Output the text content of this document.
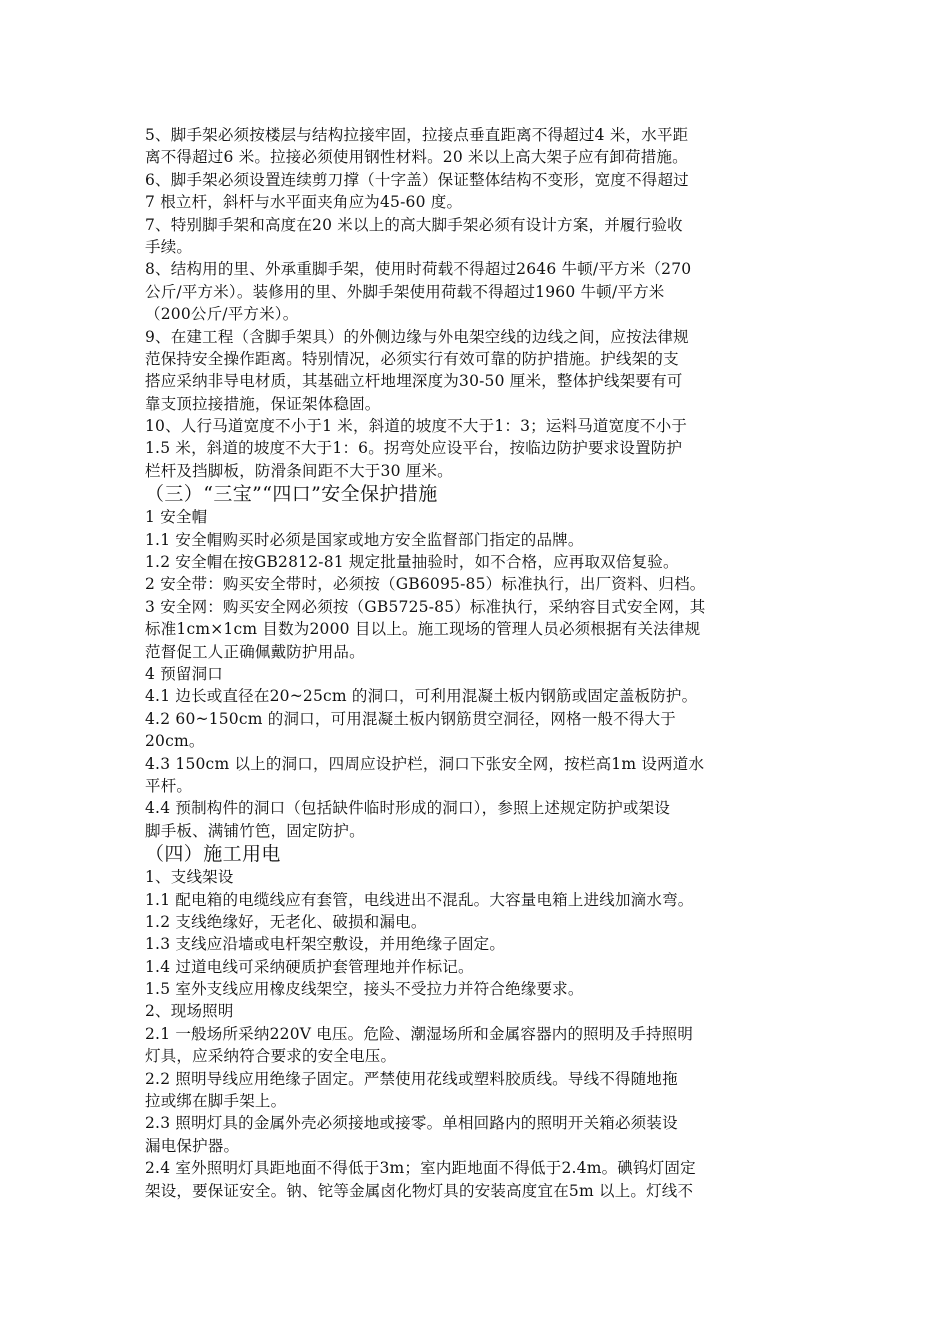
5、脚手架必须按楼层与结构拉接牢固，拉接点垂直距离不得超过4 米，水平距
离不得超过6 米。拉接必须使用钢性材料。20 米以上高大架子应有卸荷措施。
6、脚手架必须设置连续剪刀撑（十字盖）保证整体结构不变形，宽度不得超过
7 根立杆，斜杆与水平面夹角应为45-60 度。
7、特别脚手架和高度在20 米以上的高大脚手架必须有设计方案，并履行验收
手续。
8、结构用的里、外承重脚手架，使用时荷载不得超过2646 牛顿/平方米（270
公斤/平方米）。装修用的里、外脚手架使用荷载不得超过1960 牛顿/平方米
（200公斤/平方米）。
9、在建工程（含脚手架具）的外侧边缘与外电架空线的边线之间，应按法律规
范保持安全操作距离。特别情况，必须实行有效可靠的防护措施。护线架的支
搭应采纳非导电材质，其基础立杆地埋深度为30-50 厘米，整体护线架要有可
靠支顶拉接措施，保证架体稳固。
10、人行马道宽度不小于1 米，斜道的坡度不大于1：3；运料马道宽度不小于
1.5 米，斜道的坡度不大于1：6。拐弯处应设平台，按临边防护要求设置防护
栏杆及挡脚板，防滑条间距不大于30 厘米。
（三）“三宝”“四口”安全保护措施
1 安全帽
1.1 安全帽购买时必须是国家或地方安全监督部门指定的品牌。
1.2 安全帽在按GB2812-81 规定批量抽验时，如不合格，应再取双倍复验。
2 安全带：购买安全带时，必须按（GB6095-85）标准执行，出厂资料、归档。
3 安全网：购买安全网必须按（GB5725-85）标准执行，采纳容目式安全网，其
标准1cm×1cm 目数为2000 目以上。施工现场的管理人员必须根据有关法律规
范督促工人正确佩戴防护用品。
4 预留洞口
4.1 边长或直径在20~25cm 的洞口，可利用混凝土板内钢筋或固定盖板防护。
4.2 60~150cm 的洞口，可用混凝土板内钢筋贯空洞径，网格一般不得大于
20cm。
4.3 150cm 以上的洞口，四周应设护栏，洞口下张安全网，按栏高1m 设两道水
平杆。
4.4 预制构件的洞口（包括缺件临时形成的洞口），参照上述规定防护或架设
脚手板、满铺竹笆，固定防护。
（四）施工用电
1、支线架设
1.1 配电箱的电缆线应有套管，电线进出不混乱。大容量电箱上进线加滴水弯。
1.2 支线绝缘好，无老化、破损和漏电。
1.3 支线应沿墙或电杆架空敷设，并用绝缘子固定。
1.4 过道电线可采纳硬质护套管理地并作标记。
1.5 室外支线应用橡皮线架空，接头不受拉力并符合绝缘要求。
2、现场照明
2.1 一般场所采纳220V 电压。危险、潮湿场所和金属容器内的照明及手持照明
灯具，应采纳符合要求的安全电压。
2.2 照明导线应用绝缘子固定。严禁使用花线或塑料胶质线。导线不得随地拖
拉或绑在脚手架上。
2.3 照明灯具的金属外壳必须接地或接零。单相回路内的照明开关箱必须装设
漏电保护器。
2.4 室外照明灯具距地面不得低于3m；室内距地面不得低于2.4m。碘钨灯固定
架设，要保证安全。钠、铊等金属卤化物灯具的安装高度宜在5m 以上。灯线不
